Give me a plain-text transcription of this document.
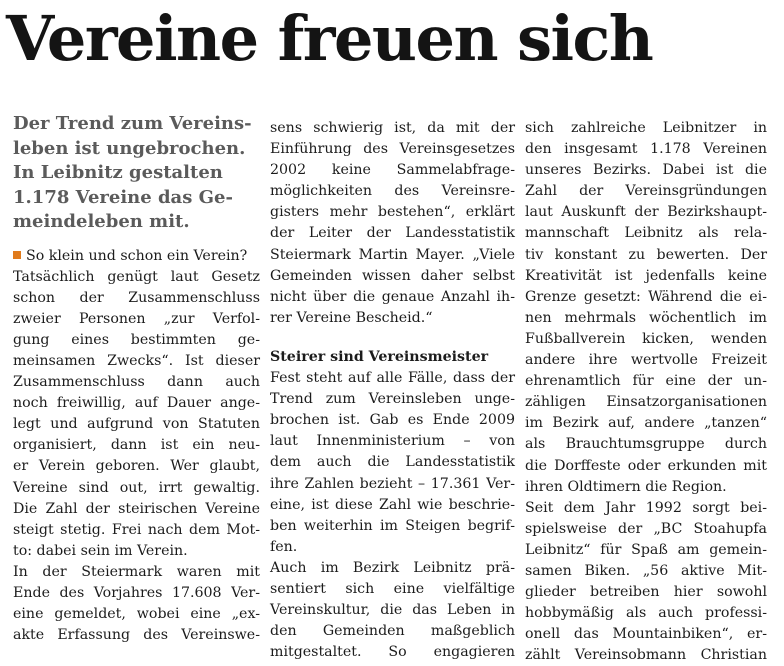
Vereine freuen sich
Der Trend zum Vereins-
leben ist ungebrochen.
In Leibnitz gestalten
1.178 Vereine das Ge-
meindeleben mit.
So klein und schon ein Verein?
Tatsächlich genügt laut Gesetz
schon der Zusammenschluss
zweier Personen „zur Verfol-
gung eines bestimmten ge-
meinsamen Zwecks“. Ist dieser
Zusammenschluss dann auch
noch freiwillig, auf Dauer ange-
legt und aufgrund von Statuten
organisiert, dann ist ein neu-
er Verein geboren. Wer glaubt,
Vereine sind out, irrt gewaltig.
Die Zahl der steirischen Vereine
steigt stetig. Frei nach dem Mot-
to: dabei sein im Verein.
In der Steiermark waren mit
Ende des Vorjahres 17.608 Ver-
eine gemeldet, wobei eine „ex-
akte Erfassung des Vereinswe-
sens schwierig ist, da mit der
Einführung des Vereinsgesetzes
2002 keine Sammelabfrage-
möglichkeiten des Vereinsre-
gisters mehr bestehen“, erklärt
der Leiter der Landesstatistik
Steiermark Martin Mayer. „Viele
Gemeinden wissen daher selbst
nicht über die genaue Anzahl ih-
rer Vereine Bescheid.“
Steirer sind Vereinsmeister
Fest steht auf alle Fälle, dass der
Trend zum Vereinsleben unge-
brochen ist. Gab es Ende 2009
laut Innenministerium – von
dem auch die Landesstatistik
ihre Zahlen bezieht – 17.361 Ver-
eine, ist diese Zahl wie beschrie-
ben weiterhin im Steigen begrif-
fen.
Auch im Bezirk Leibnitz prä-
sentiert sich eine vielfältige
Vereinskultur, die das Leben in
den Gemeinden maßgeblich
mitgestaltet. So engagieren
sich zahlreiche Leibnitzer in
den insgesamt 1.178 Vereinen
unseres Bezirks. Dabei ist die
Zahl der Vereinsgründungen
laut Auskunft der Bezirkshaupt-
mannschaft Leibnitz als rela-
tiv konstant zu bewerten. Der
Kreativität ist jedenfalls keine
Grenze gesetzt: Während die ei-
nen mehrmals wöchentlich im
Fußballverein kicken, wenden
andere ihre wertvolle Freizeit
ehrenamtlich für eine der un-
zähligen Einsatzorganisationen
im Bezirk auf, andere „tanzen“
als Brauchtumsgruppe durch
die Dorffeste oder erkunden mit
ihren Oldtimern die Region.
Seit dem Jahr 1992 sorgt bei-
spielsweise der „BC Stoahupfa
Leibnitz“ für Spaß am gemein-
samen Biken. „56 aktive Mit-
glieder betreiben hier sowohl
hobbymäßig als auch professi-
onell das Mountainbiken“, er-
zählt Vereinsobmann Christian
